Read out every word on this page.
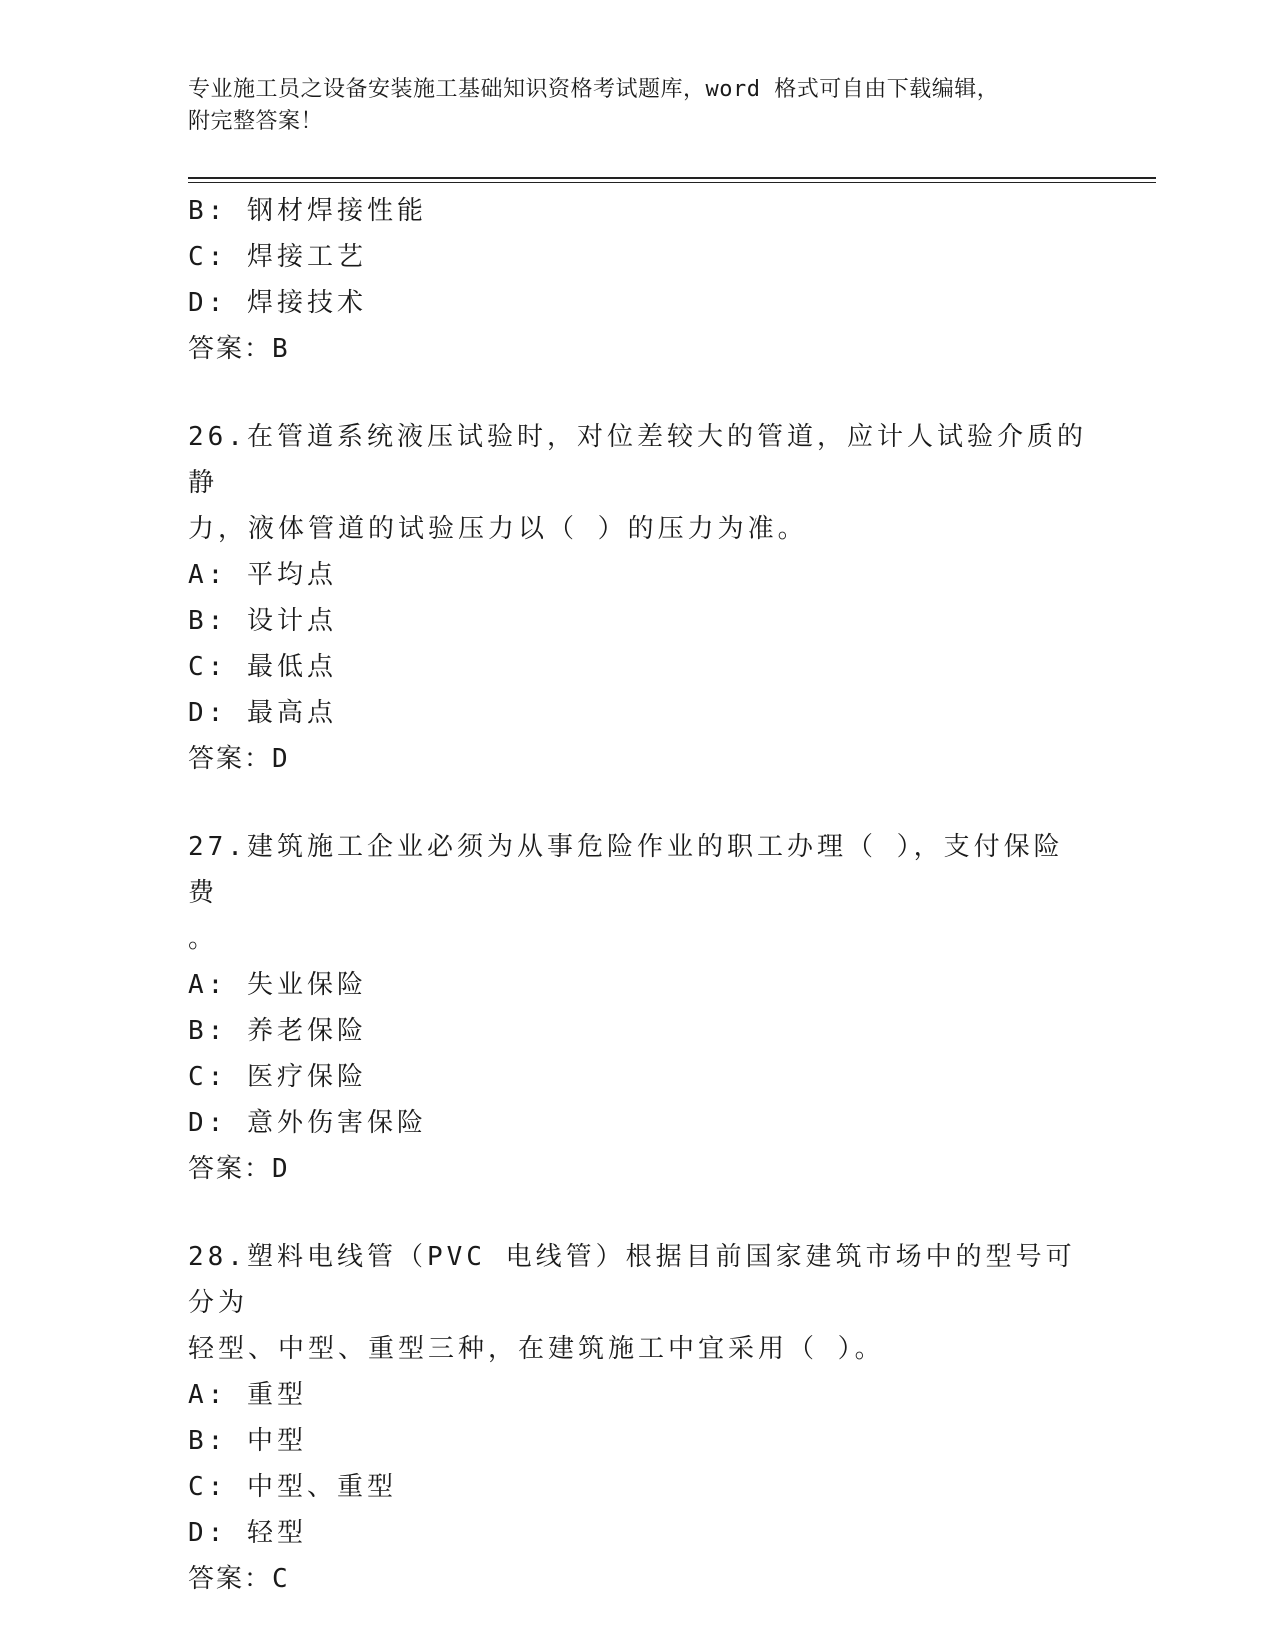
专业施工员之设备安装施工基础知识资格考试题库，word 格式可自由下载编辑，
附完整答案！
B: 钢材焊接性能
C: 焊接工艺
D: 焊接技术
答案：B
26.在管道系统液压试验时，对位差较大的管道，应计人试验介质的静
力，液体管道的试验压力以（ ）的压力为准。
A: 平均点
B: 设计点
C: 最低点
D: 最高点
答案：D
27.建筑施工企业必须为从事危险作业的职工办理（ ），支付保险费
。
A: 失业保险
B: 养老保险
C: 医疗保险
D: 意外伤害保险
答案：D
28.塑料电线管（PVC 电线管）根据目前国家建筑市场中的型号可分为
轻型、中型、重型三种，在建筑施工中宜采用（ ）。
A: 重型
B: 中型
C: 中型、重型
D: 轻型
答案：C
